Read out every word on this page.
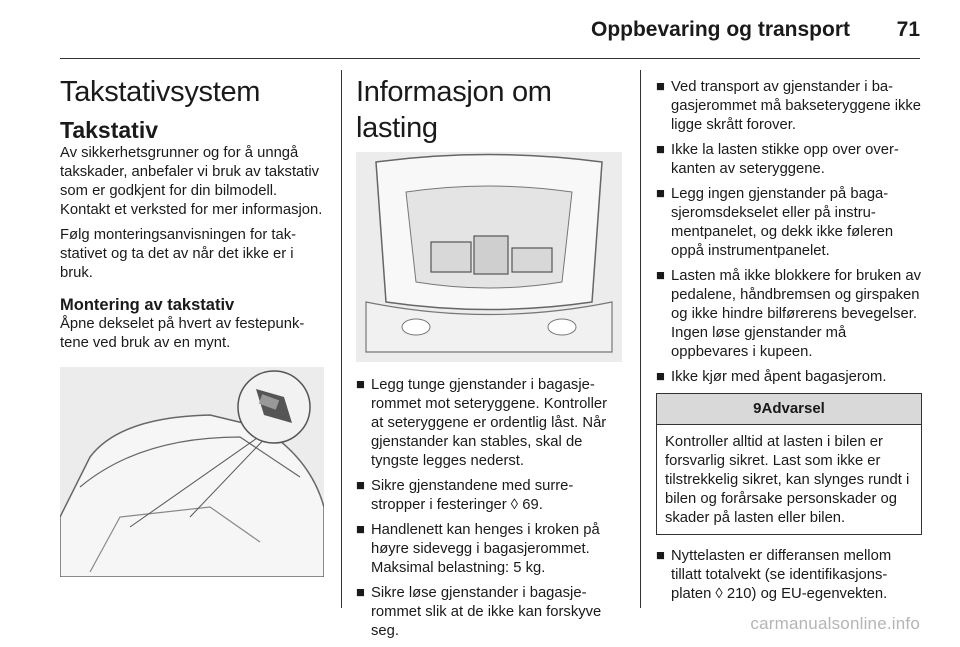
Oppbevaring og transport 71
Takstativsystem
Takstativ

Av sikkerhetsgrunner og for å unngå takskader, anbefaler vi bruk av takstativ som er godkjent for din bilmodell. Kontakt et verksted for mer informasjon.

Følg monteringsanvisningen for takstativet og ta det av når det ikke er i bruk.

Montering av takstativ

Åpne dekselet på hvert av festepunktene ved bruk av en mynt.

Informasjon om lasting
■ Legg tunge gjenstander i bagasjerommet mot seteryggene. Kontroller at seteryggene er ordentlig låst. Når gjenstander kan stables, skal de tyngste legges nederst.
■ Sikre gjenstandene med surrestropper i festeringer ◊ 69.
■ Handlenett kan henges i kroken på høyre sidevegg i bagasjerommet. Maksimal belastning: 5 kg.
■ Sikre løse gjenstander i bagasjerommet slik at de ikke kan forskyve seg.
■ Ved transport av gjenstander i bagasjerommet må bakseteryggene ikke ligge skrått forover.
■ Ikke la lasten stikke opp over overkanten av seteryggene.
■ Legg ingen gjenstander på bagasjeromsdekselet eller på instrumentpanelet, og dekk ikke føleren oppå instrumentpanelet.
■ Lasten må ikke blokkere for bruken av pedalene, håndbremsen og girspaken og ikke hindre bilførerens bevegelser. Ingen løse gjenstander må oppbevares i kupeen.
■ Ikke kjør med åpent bagasjerom.
9Advarsel
Kontroller alltid at lasten i bilen er forsvarlig sikret. Last som ikke er tilstrekkelig sikret, kan slynges rundt i bilen og forårsake personskader og skader på lasten eller bilen.
■ Nyttelasten er differansen mellom tillatt totalvekt (se identifikasjonsplaten ◊ 210) og EU-egenvekten.
carmanualsonline.info
